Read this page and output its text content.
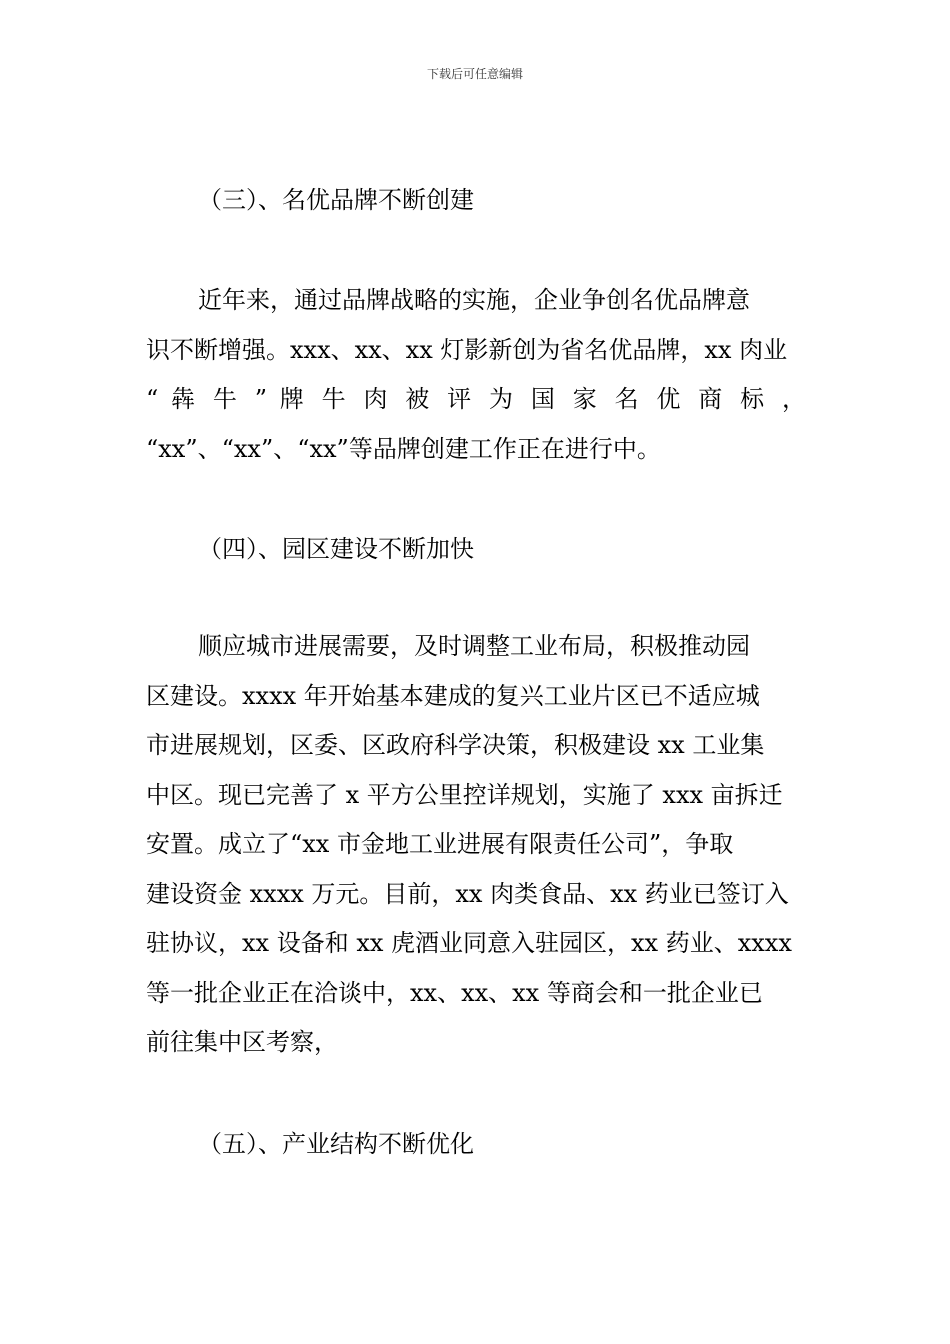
下载后可任意编辑
（三）、名优品牌不断创建
近年来，通过品牌战略的实施，企业争创名优品牌意
识不断增强。xxx、xx、xx 灯影新创为省名优品牌，xx 肉业
“ 犇 牛 ” 牌 牛 肉 被 评 为 国 家 名 优 商 标 ，
“xx”、“xx”、“xx”等品牌创建工作正在进行中。
（四）、园区建设不断加快
顺应城市进展需要，及时调整工业布局，积极推动园
区建设。xxxx 年开始基本建成的复兴工业片区已不适应城
市进展规划，区委、区政府科学决策，积极建设 xx 工业集
中区。现已完善了 x 平方公里控详规划，实施了 xxx 亩拆迁
安置。成立了“xx 市金地工业进展有限责任公司”，争取
建设资金 xxxx 万元。目前，xx 肉类食品、xx 药业已签订入
驻协议，xx 设备和 xx 虎酒业同意入驻园区，xx 药业、xxxx
等一批企业正在洽谈中，xx、xx、xx 等商会和一批企业已
前往集中区考察，
（五）、产业结构不断优化
